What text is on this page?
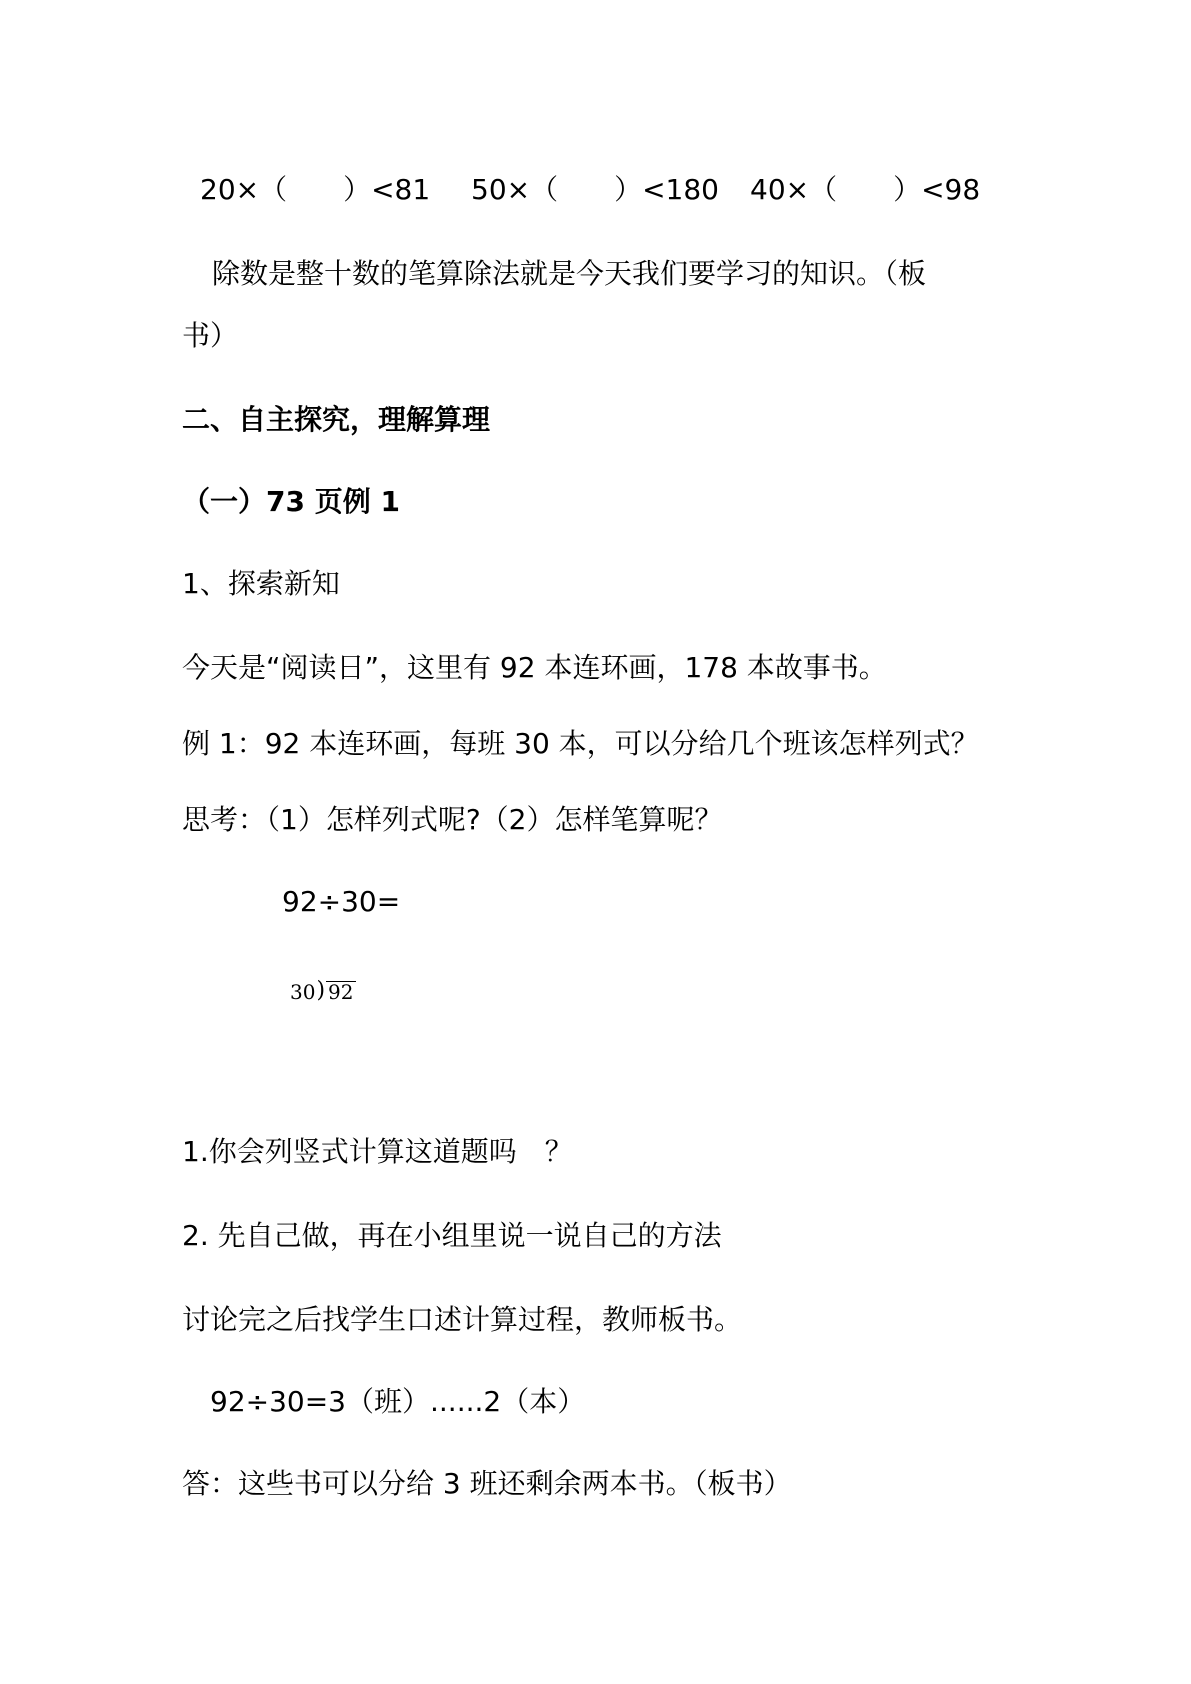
20×（　　）<81 50×（　　）<180 40×（　　）<98
除数是整十数的笔算除法就是今天我们要学习的知识。（板
书）
二、自主探究，理解算理
（一）73 页例 1
1、探索新知
今天是“阅读日”，这里有 92 本连环画，178 本故事书。
例 1：92 本连环画，每班 30 本，可以分给几个班该怎样列式？
思考：（1）怎样列式呢?（2）怎样笔算呢？
92÷30=
30) 92
1.你会列竖式计算这道题吗　？
2. 先自己做，再在小组里说一说自己的方法
讨论完之后找学生口述计算过程，教师板书。
92÷30=3（班）......2（本）
答：这些书可以分给 3 班还剩余两本书。（板书）
